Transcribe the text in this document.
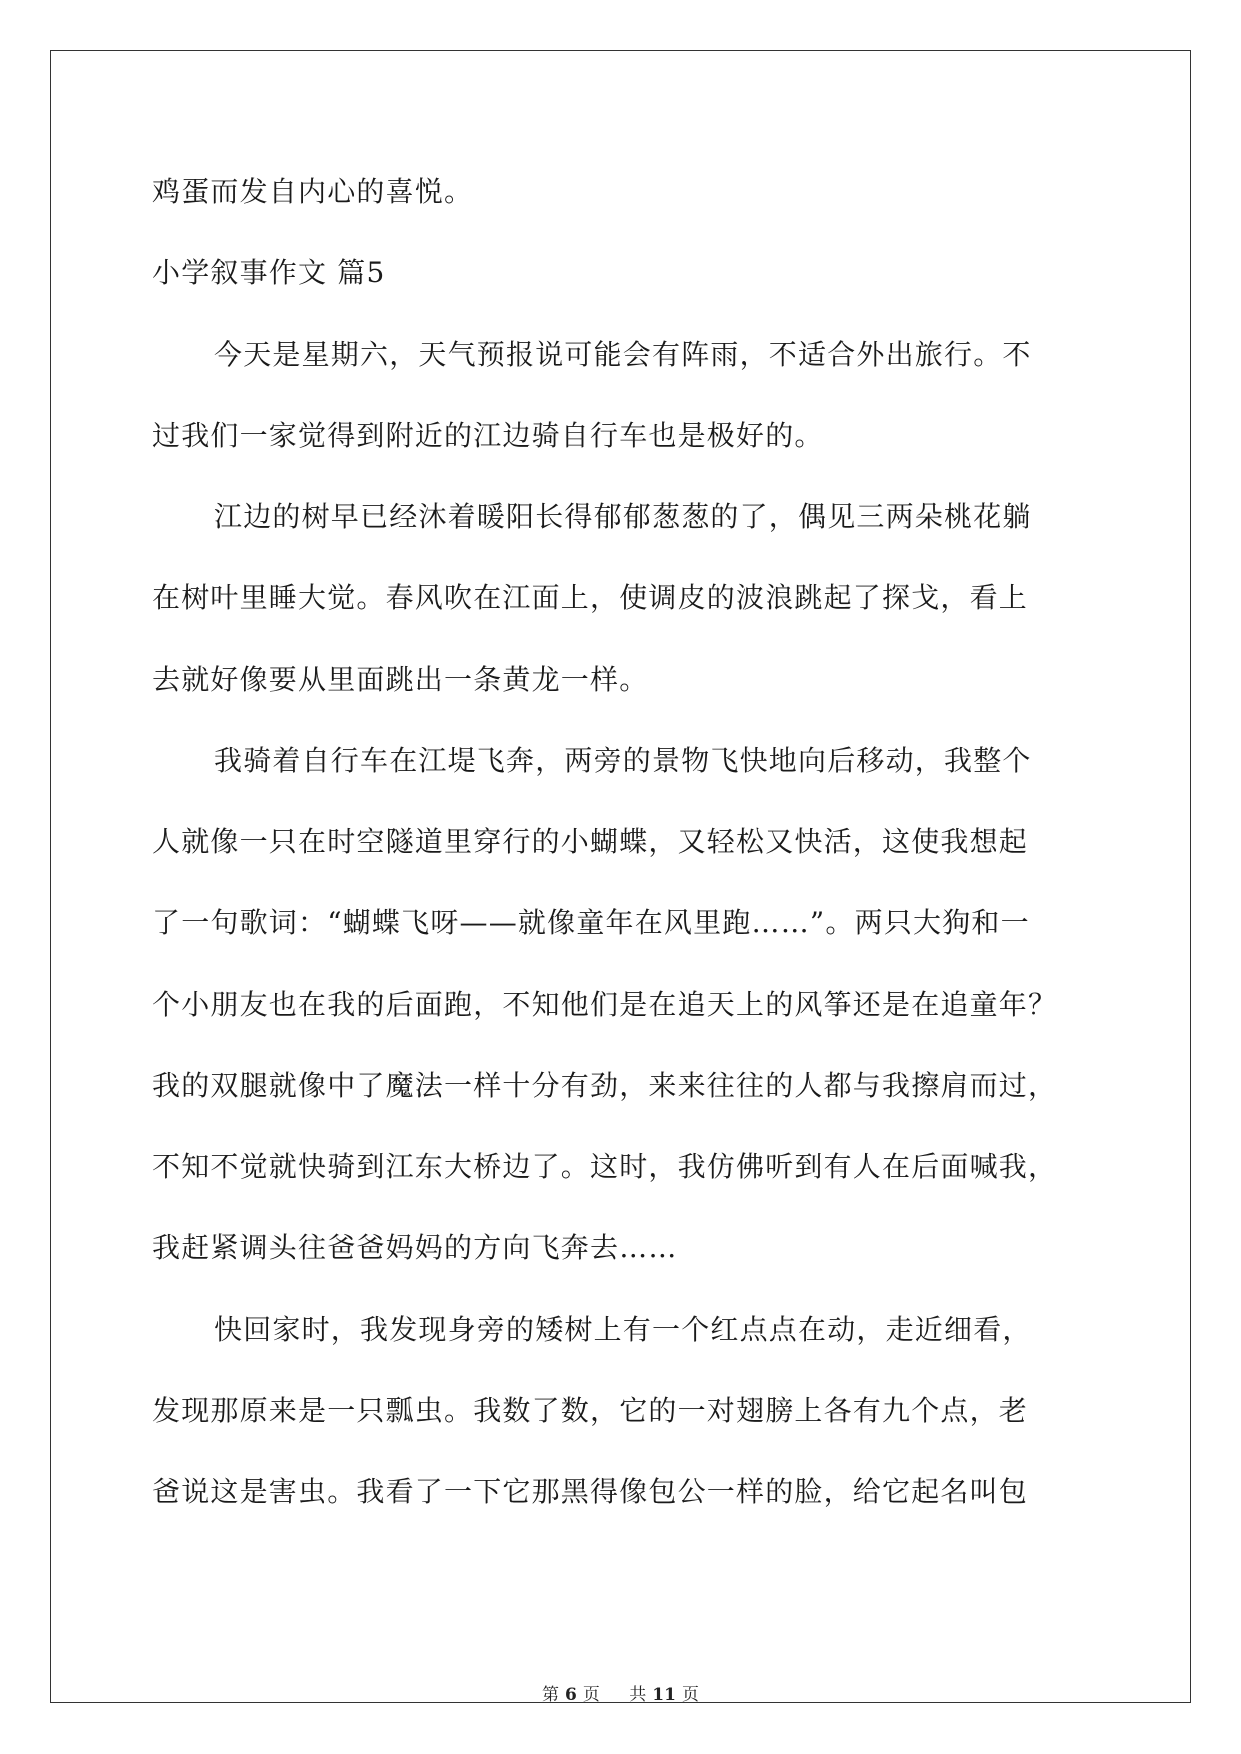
鸡蛋而发自内心的喜悦。
小学叙事作文 篇5
今天是星期六，天气预报说可能会有阵雨，不适合外出旅行。不
过我们一家觉得到附近的江边骑自行车也是极好的。
江边的树早已经沐着暖阳长得郁郁葱葱的了，偶见三两朵桃花躺
在树叶里睡大觉。春风吹在江面上，使调皮的波浪跳起了探戈，看上
去就好像要从里面跳出一条黄龙一样。
我骑着自行车在江堤飞奔，两旁的景物飞快地向后移动，我整个
人就像一只在时空隧道里穿行的小蝴蝶，又轻松又快活，这使我想起
了一句歌词：“蝴蝶飞呀——就像童年在风里跑……”。两只大狗和一
个小朋友也在我的后面跑，不知他们是在追天上的风筝还是在追童年？
我的双腿就像中了魔法一样十分有劲，来来往往的人都与我擦肩而过，
不知不觉就快骑到江东大桥边了。这时，我仿佛听到有人在后面喊我，
我赶紧调头往爸爸妈妈的方向飞奔去……
快回家时，我发现身旁的矮树上有一个红点点在动，走近细看，
发现那原来是一只瓢虫。我数了数，它的一对翅膀上各有九个点，老
爸说这是害虫。我看了一下它那黑得像包公一样的脸，给它起名叫包
第 6 页 共 11 页
